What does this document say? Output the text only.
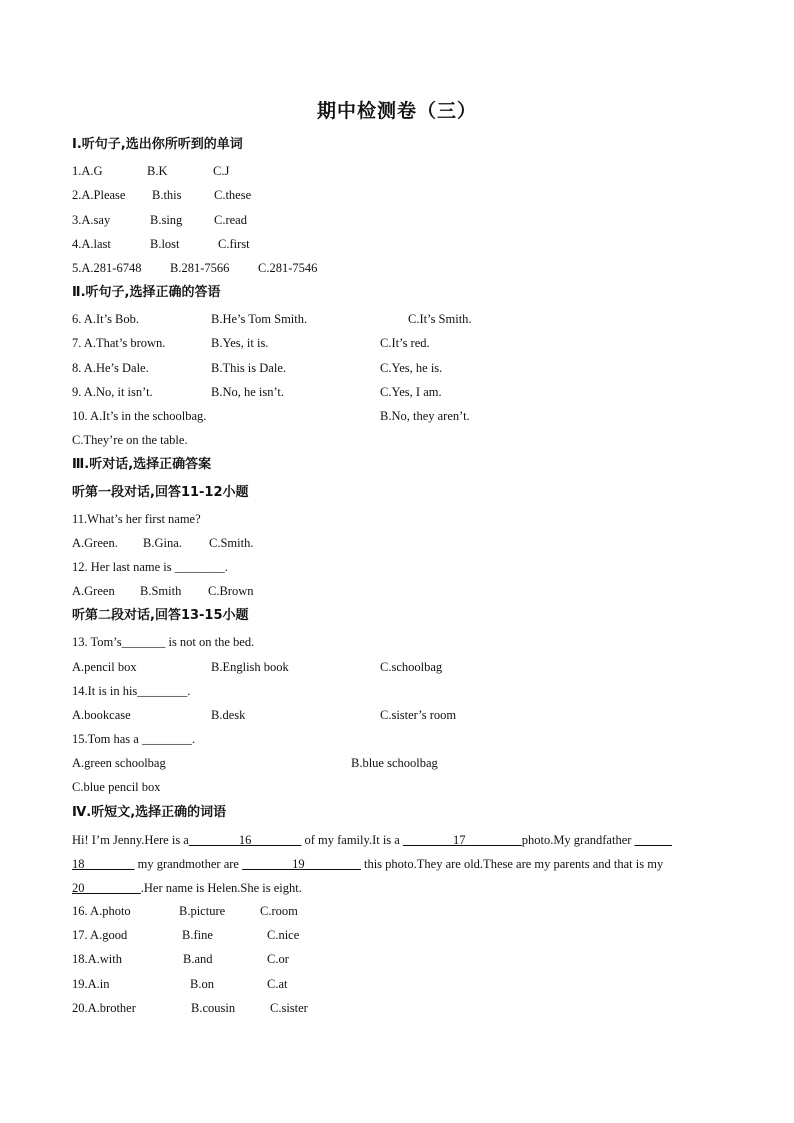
期中检测卷（三）
Ⅰ.听句子,选出你所听到的单词
1.A.G	B.K	C.J
2.A.Please B.this	C.these
3.A.say	B.sing	C.read
4.A.last	B.lost	C.first
5.A.281-6748 B.281-7566 C.281-7546
Ⅱ.听句子,选择正确的答语
6. A.It’s Bob.	B.He’s Tom Smith.	C.It’s Smith.
7. A.That’s brown.	B.Yes, it is.	C.It’s red.
8. A.He’s Dale.	B.This is Dale.	C.Yes, he is.
9. A.No, it isn’t.	B.No, he isn’t.	C.Yes, I am.
10. A.It’s in the schoolbag.	B.No, they aren’t.
C.They’re on the table.
Ⅲ.听对话,选择正确答案
听第一段对话,回答11-12小题
11.What’s her first name?
A.Green. B.Gina. C.Smith.
12. Her last name is ________.
A.Green B.Smith C.Brown
听第二段对话,回答13-15小题
13. Tom’s_______ is not on the bed.
A.pencil box	B.English book	C.schoolbag
14.It is in his________.
A.bookcase	B.desk	C.sister’s room
15.Tom has a ________.
A.green schoolbag	B.blue schoolbag
C.blue pencil box
Ⅳ.听短文,选择正确的词语
Hi! I’m Jenny.Here is a________16________ of my family.It is a ________17_________photo.My grandfather ______
18________ my grandmother are ________19_________ this photo.They are old.These are my parents and that is my
20_________.Her name is Helen.She is eight.
16. A.photo	B.picture	C.room
17. A.good	B.fine	C.nice
18.A.with	B.and	C.or
19.A.in	B.on	C.at
20.A.brother	B.cousin	C.sister
